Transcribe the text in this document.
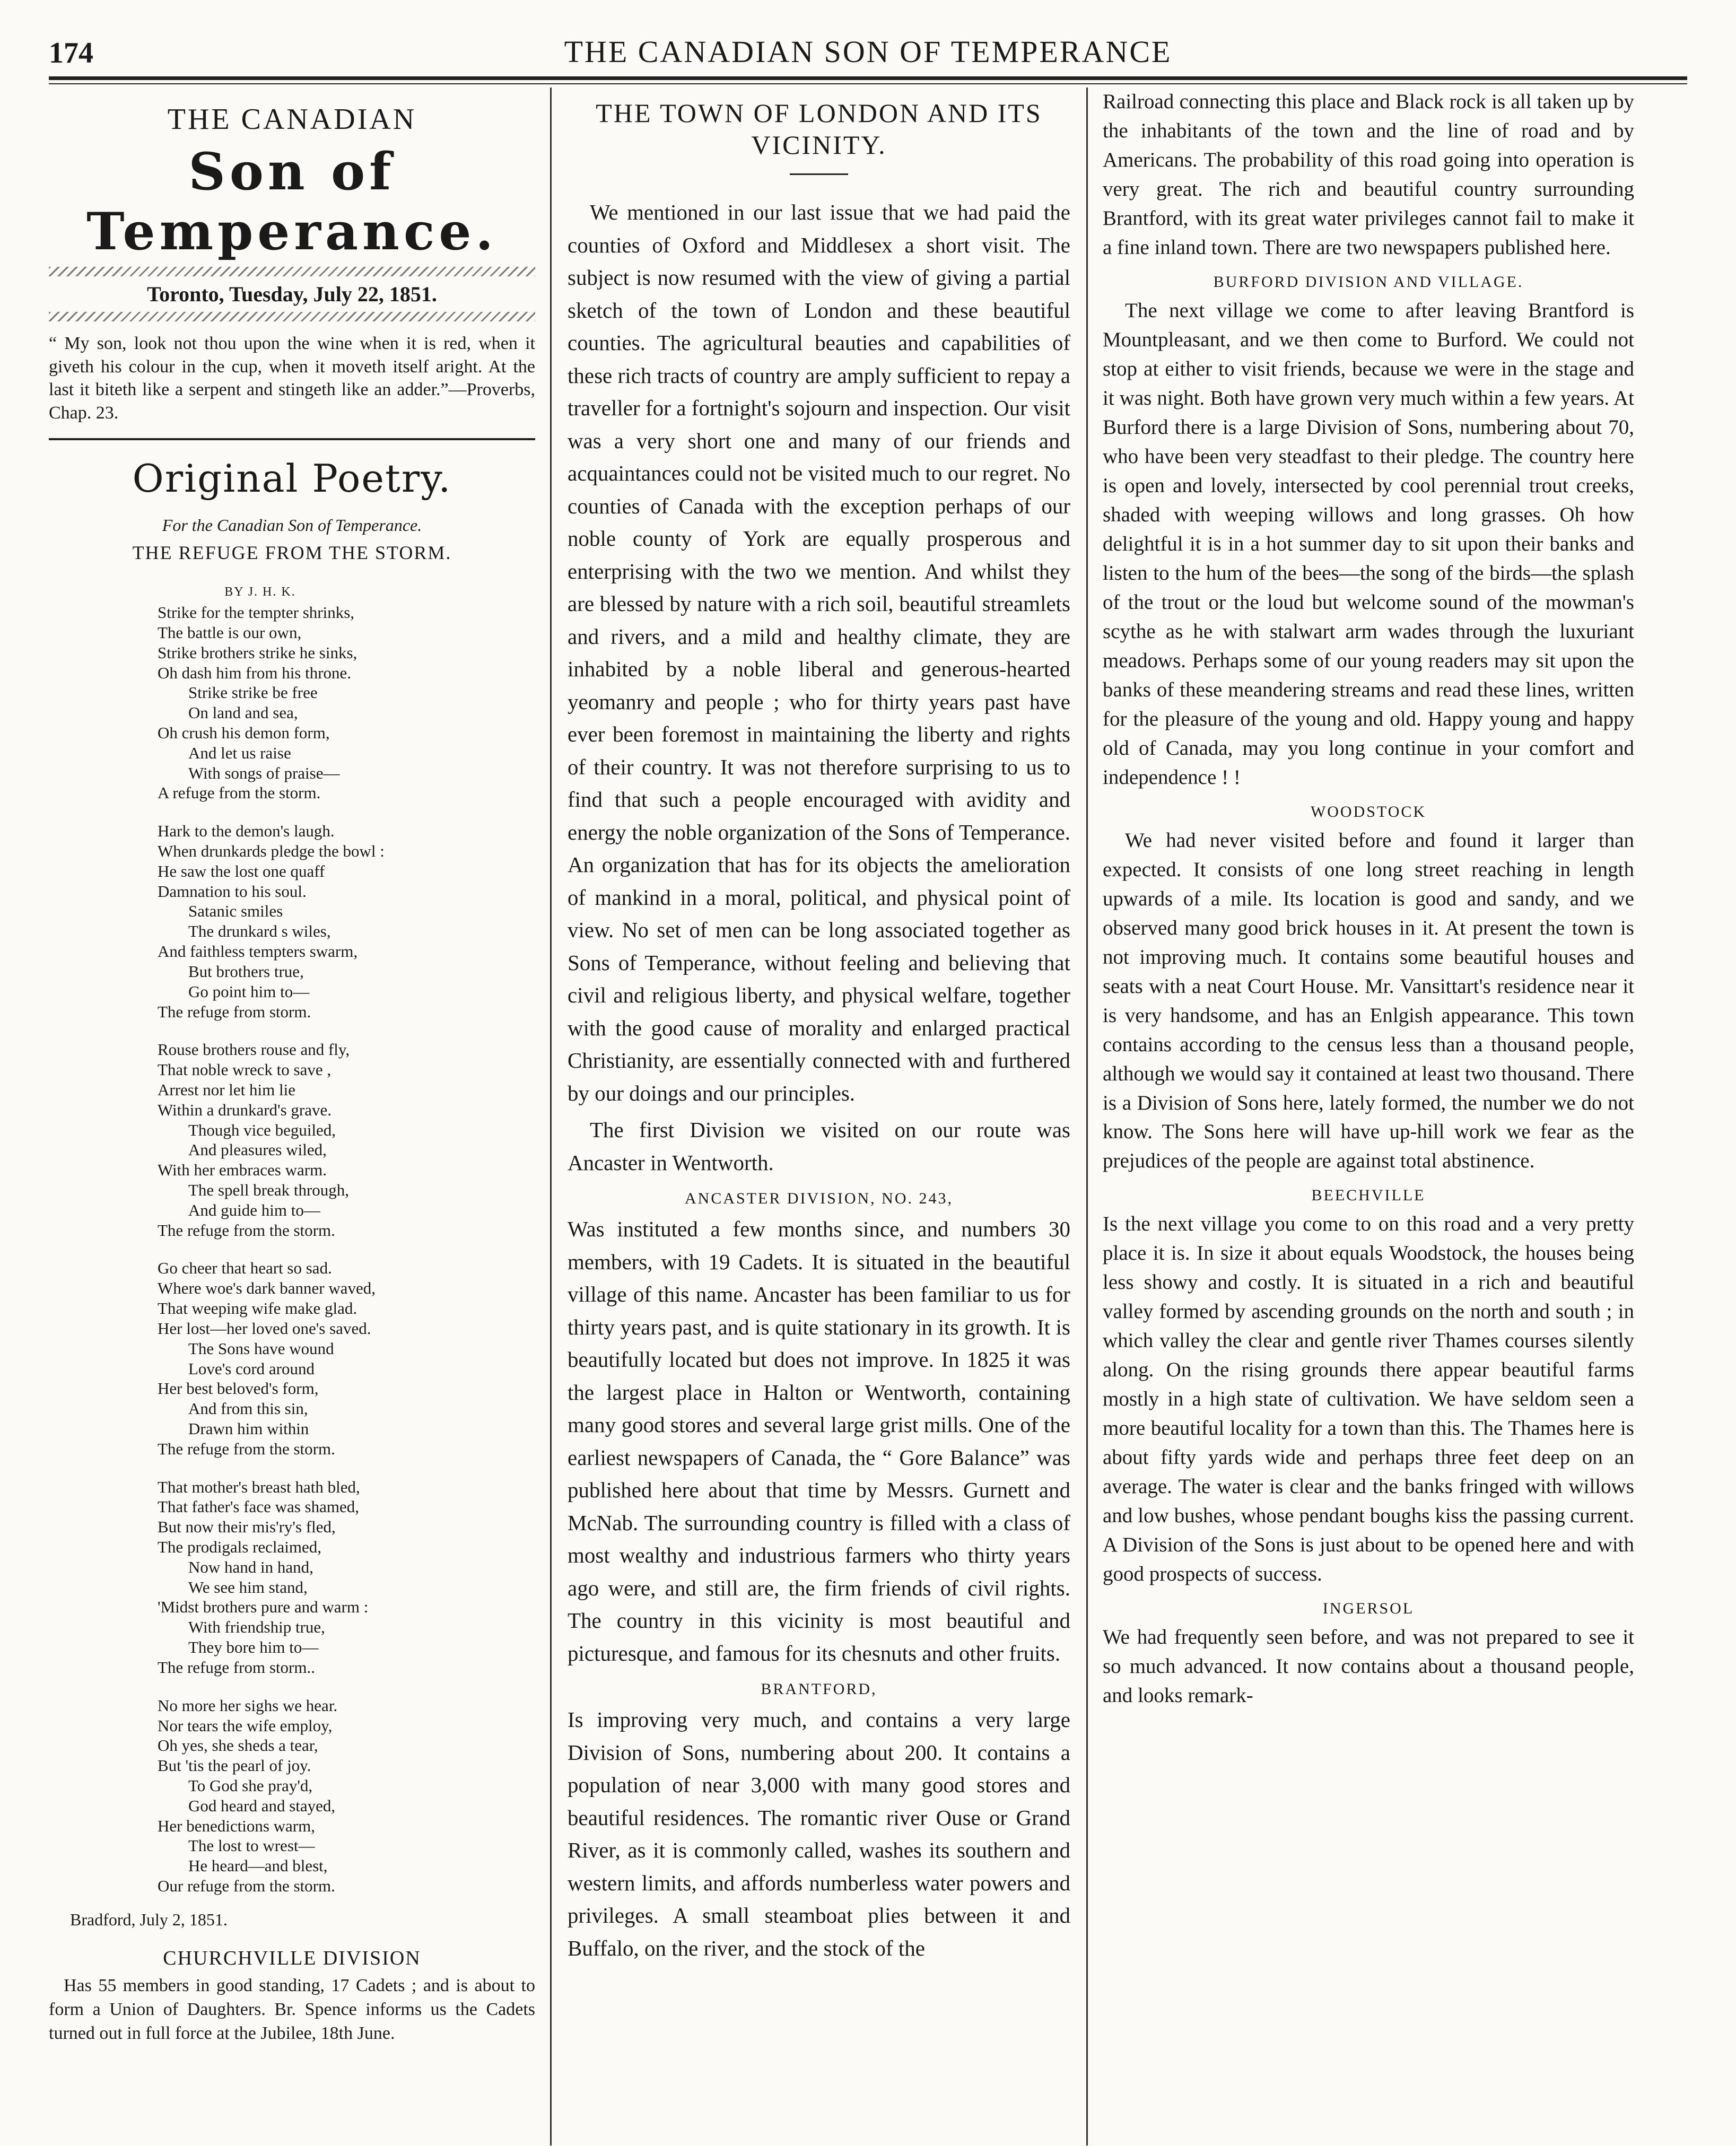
174	THE CANADIAN SON OF TEMPERANCE
THE CANADIAN
Son of Temperance.
Toronto, Tuesday, July 22, 1851.
“ My son, look not thou upon the wine when it is red, when it giveth his colour in the cup, when it moveth itself aright. At the last it biteth like a serpent and stingeth like an adder.”—Proverbs, Chap. 23.
Original Poetry.
For the Canadian Son of Temperance.
THE REFUGE FROM THE STORM.
BY J. H. K.
Strike for the tempter shrinks,
The battle is our own,
Strike brothers strike he sinks,
Oh dash him from his throne.
Strike strike be free
On land and sea,
Oh crush his demon form,
And let us raise
With songs of praise—
A refuge from the storm.
Hark to the demon's laugh.
When drunkards pledge the bowl :
He saw the lost one quaff
Damnation to his soul.
Satanic smiles
The drunkard s wiles,
And faithless tempters swarm,
But brothers true,
Go point him to—
The refuge from storm.
Rouse brothers rouse and fly,
That noble wreck to save ,
Arrest nor let him lie
Within a drunkard's grave.
Though vice beguiled,
And pleasures wiled,
With her embraces warm.
The spell break through,
And guide him to—
The refuge from the storm.
Go cheer that heart so sad.
Where woe's dark banner waved,
That weeping wife make glad.
Her lost—her loved one's saved.
The Sons have wound
Love's cord around
Her best beloved's form,
And from this sin,
Drawn him within
The refuge from the storm.
That mother's breast hath bled,
That father's face was shamed,
But now their mis'ry's fled,
The prodigals reclaimed,
Now hand in hand,
We see him stand,
'Midst brothers pure and warm :
With friendship true,
They bore him to—
The refuge from storm..
No more her sighs we hear.
Nor tears the wife employ,
Oh yes, she sheds a tear,
But 'tis the pearl of joy.
To God she pray'd,
God heard and stayed,
Her benedictions warm,
The lost to wrest—
He heard—and blest,
Our refuge from the storm.
Bradford, July 2, 1851.
CHURCHVILLE DIVISION
Has 55 members in good standing, 17 Cadets ; and is about to form a Union of Daughters. Br. Spence informs us the Cadets turned out in full force at the Jubilee, 18th June.
THE TOWN OF LONDON AND ITS VICINITY.

We mentioned in our last issue that we had paid the counties of Oxford and Middlesex a short visit. The subject is now resumed with the view of giving a partial sketch of the town of London and these beautiful counties. The agricultural beauties and capabilities of these rich tracts of country are amply sufficient to repay a traveller for a fortnight's sojourn and inspection. Our visit was a very short one and many of our friends and acquaintances could not be visited much to our regret. No counties of Canada with the exception perhaps of our noble county of York are equally prosperous and enterprising with the two we mention. And whilst they are blessed by nature with a rich soil, beautiful streamlets and rivers, and a mild and healthy climate, they are inhabited by a noble liberal and generous-hearted yeomanry and people ; who for thirty years past have ever been foremost in maintaining the liberty and rights of their country. It was not therefore surprising to us to find that such a people encouraged with avidity and energy the noble organization of the Sons of Temperance. An organization that has for its objects the amelioration of mankind in a moral, political, and physical point of view. No set of men can be long associated together as Sons of Temperance, without feeling and believing that civil and religious liberty, and physical welfare, together with the good cause of morality and enlarged practical Christianity, are essentially connected with and furthered by our doings and our principles.

The first Division we visited on our route was Ancaster in Wentworth.

ANCASTER DIVISION, NO. 243,

Was instituted a few months since, and numbers 30 members, with 19 Cadets. It is situated in the beautiful village of this name. Ancaster has been familiar to us for thirty years past, and is quite stationary in its growth. It is beautifully located but does not improve. In 1825 it was the largest place in Halton or Wentworth, containing many good stores and several large grist mills. One of the earliest newspapers of Canada, the “ Gore Balance” was published here about that time by Messrs. Gurnett and McNab. The surrounding country is filled with a class of most wealthy and industrious farmers who thirty years ago were, and still are, the firm friends of civil rights. The country in this vicinity is most beautiful and picturesque, and famous for its chesnuts and other fruits.

BRANTFORD,

Is improving very much, and contains a very large Division of Sons, numbering about 200. It contains a population of near 3,000 with many good stores and beautiful residences. The romantic river Ouse or Grand River, as it is commonly called, washes its southern and western limits, and affords numberless water powers and privileges. A small steamboat plies between it and Buffalo, on the river, and the stock of the

Railroad connecting this place and Black rock is all taken up by the inhabitants of the town and the line of road and by Americans. The probability of this road going into operation is very great. The rich and beautiful country surrounding Brantford, with its great water privileges cannot fail to make it a fine inland town. There are two newspapers published here.

BURFORD DIVISION AND VILLAGE.

The next village we come to after leaving Brantford is Mountpleasant, and we then come to Burford. We could not stop at either to visit friends, because we were in the stage and it was night. Both have grown very much within a few years. At Burford there is a large Division of Sons, numbering about 70, who have been very steadfast to their pledge. The country here is open and lovely, intersected by cool perennial trout creeks, shaded with weeping willows and long grasses. Oh how delightful it is in a hot summer day to sit upon their banks and listen to the hum of the bees—the song of the birds—the splash of the trout or the loud but welcome sound of the mowman's scythe as he with stalwart arm wades through the luxuriant meadows. Perhaps some of our young readers may sit upon the banks of these meandering streams and read these lines, written for the pleasure of the young and old. Happy young and happy old of Canada, may you long continue in your comfort and independence ! !

WOODSTOCK

We had never visited before and found it larger than expected. It consists of one long street reaching in length upwards of a mile. Its location is good and sandy, and we observed many good brick houses in it. At present the town is not improving much. It contains some beautiful houses and seats with a neat Court House. Mr. Vansittart's residence near it is very handsome, and has an Enlgish appearance. This town contains according to the census less than a thousand people, although we would say it contained at least two thousand. There is a Division of Sons here, lately formed, the number we do not know. The Sons here will have up-hill work we fear as the prejudices of the people are against total abstinence.

BEECHVILLE

Is the next village you come to on this road and a very pretty place it is. In size it about equals Woodstock, the houses being less showy and costly. It is situated in a rich and beautiful valley formed by ascending grounds on the north and south ; in which valley the clear and gentle river Thames courses silently along. On the rising grounds there appear beautiful farms mostly in a high state of cultivation. We have seldom seen a more beautiful locality for a town than this. The Thames here is about fifty yards wide and perhaps three feet deep on an average. The water is clear and the banks fringed with willows and low bushes, whose pendant boughs kiss the passing current. A Division of the Sons is just about to be opened here and with good prospects of success.

INGERSOL

We had frequently seen before, and was not prepared to see it so much advanced. It now contains about a thousand people, and looks remark-
